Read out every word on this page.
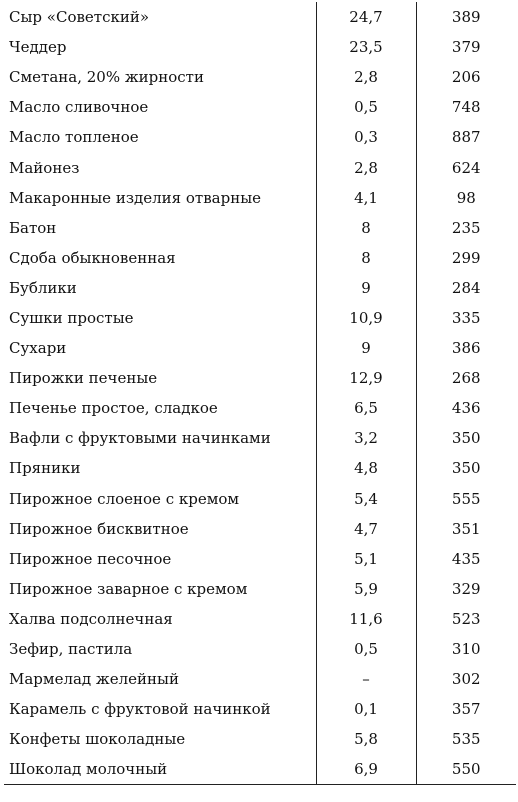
Сыр «Советский»	24,7	389
Чеддер	23,5	379
Сметана, 20% жирности	2,8	206
Масло сливочное	0,5	748
Масло топленое	0,3	887
Майонез	2,8	624
Макаронные изделия отварные	4,1	98
Батон	8	235
Сдоба обыкновенная	8	299
Бублики	9	284
Сушки простые	10,9	335
Сухари	9	386
Пирожки печеные	12,9	268
Печенье простое, сладкое	6,5	436
Вафли с фруктовыми начинками	3,2	350
Пряники	4,8	350
Пирожное слоеное с кремом	5,4	555
Пирожное бисквитное	4,7	351
Пирожное песочное	5,1	435
Пирожное заварное с кремом	5,9	329
Халва подсолнечная	11,6	523
Зефир, пастила	0,5	310
Мармелад желейный	–	302
Карамель с фруктовой начинкой	0,1	357
Конфеты шоколадные	5,8	535
Шоколад молочный	6,9	550
